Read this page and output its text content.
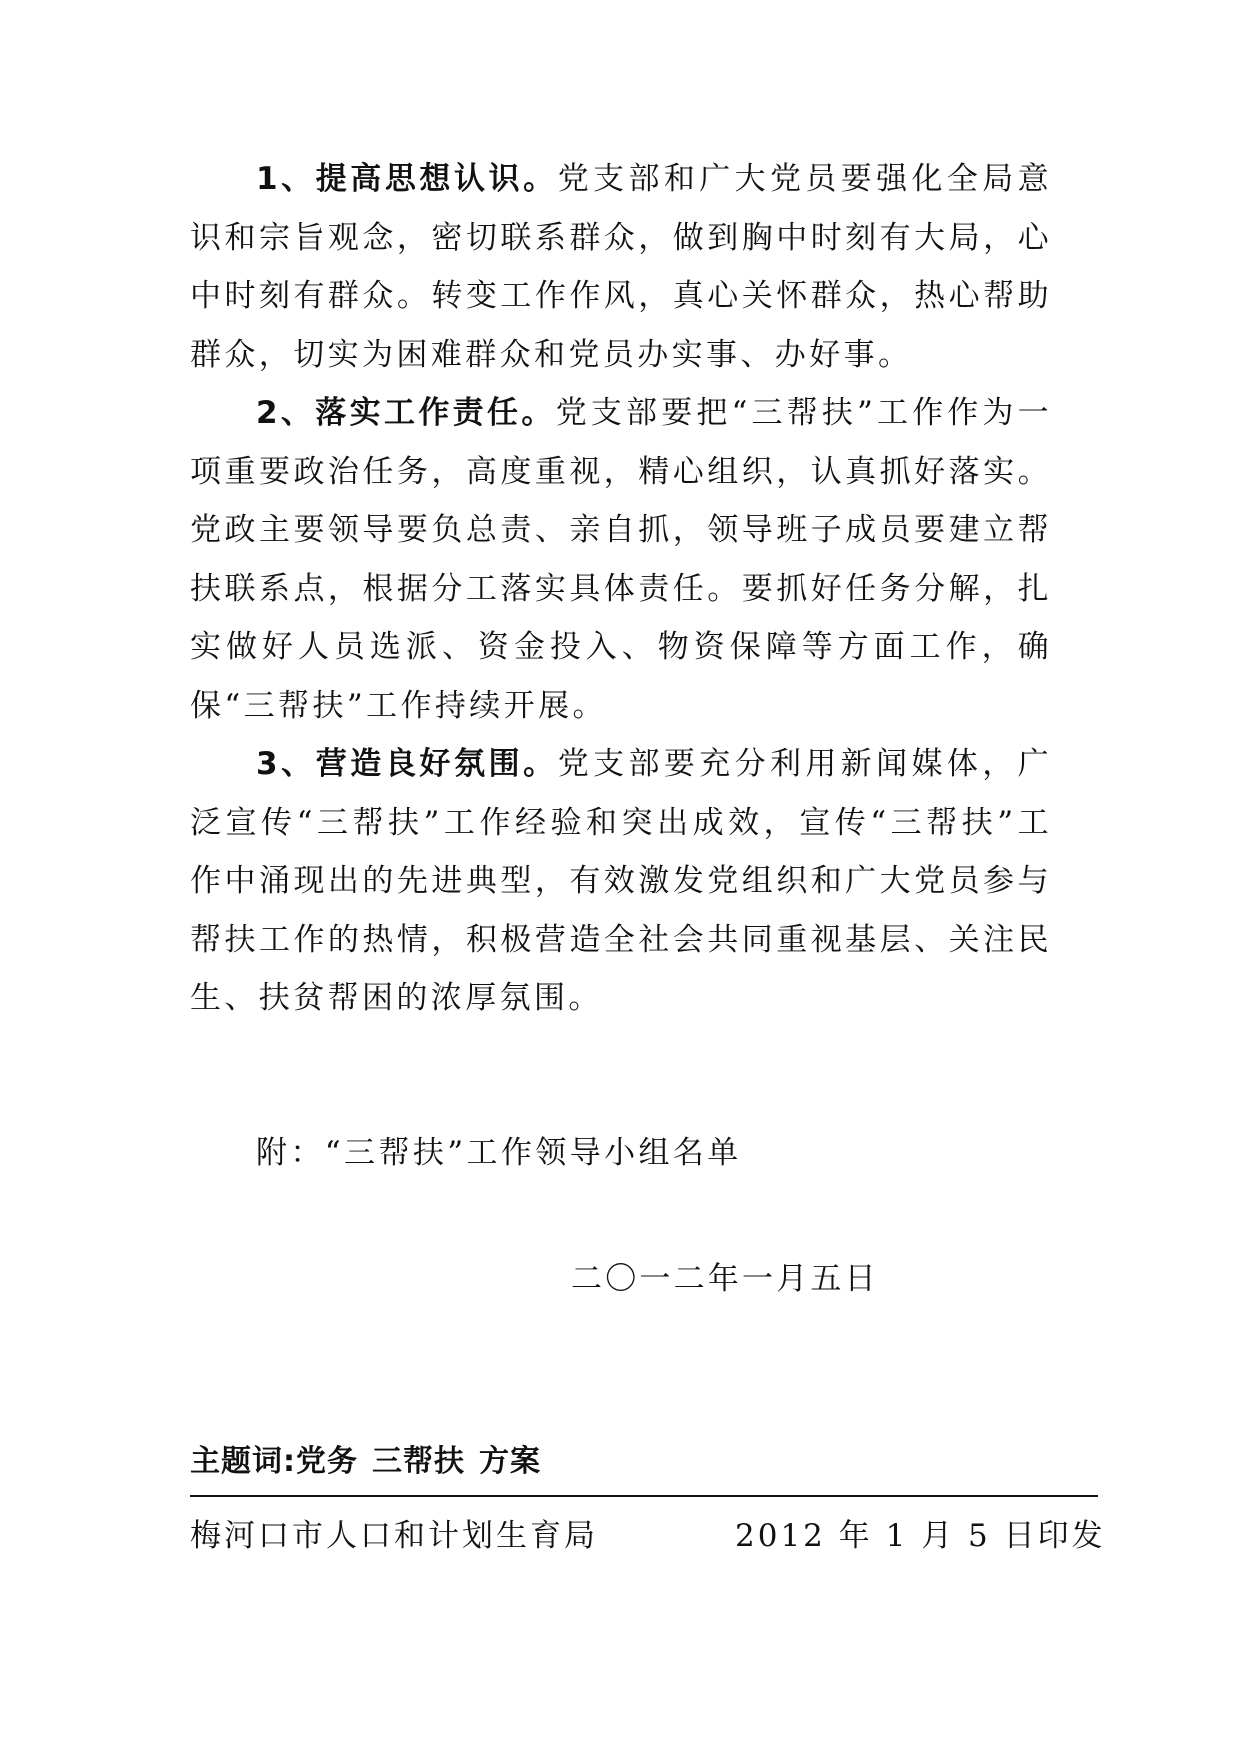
1、提高思想认识。党支部和广大党员要强化全局意识和宗旨观念，密切联系群众，做到胸中时刻有大局，心中时刻有群众。转变工作作风，真心关怀群众，热心帮助群众，切实为困难群众和党员办实事、办好事。

2、落实工作责任。党支部要把“三帮扶”工作作为一项重要政治任务，高度重视，精心组织，认真抓好落实。党政主要领导要负总责、亲自抓，领导班子成员要建立帮扶联系点，根据分工落实具体责任。要抓好任务分解，扎实做好人员选派、资金投入、物资保障等方面工作，确保“三帮扶”工作持续开展。

3、营造良好氛围。党支部要充分利用新闻媒体，广泛宣传“三帮扶”工作经验和突出成效，宣传“三帮扶”工作中涌现出的先进典型，有效激发党组织和广大党员参与帮扶工作的热情，积极营造全社会共同重视基层、关注民生、扶贫帮困的浓厚氛围。

附：“三帮扶”工作领导小组名单

二〇一二年一月五日

主题词:党务 三帮扶 方案

梅河口市人口和计划生育局	2012 年 1 月 5 日印发
